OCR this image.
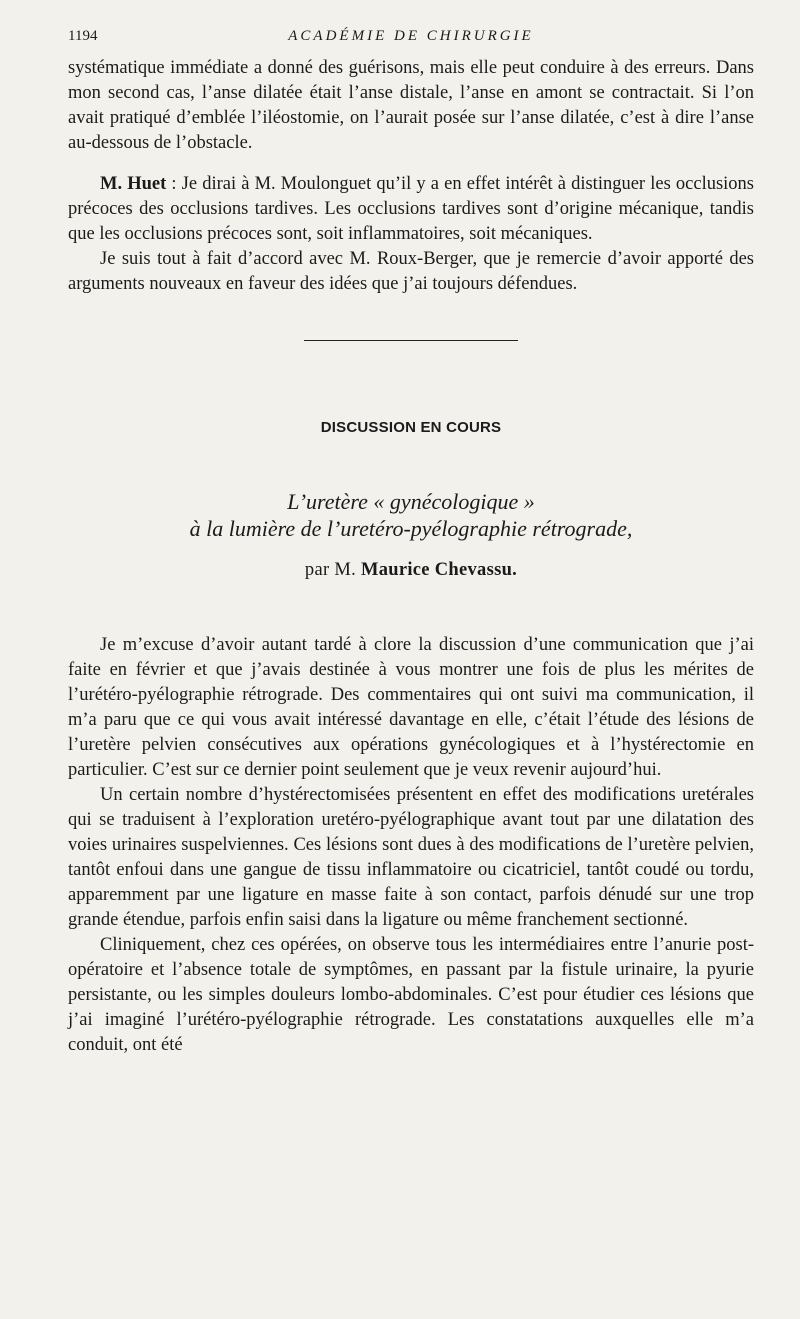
1194	ACADÉMIE DE CHIRURGIE

systématique immédiate a donné des guérisons, mais elle peut conduire à des erreurs. Dans mon second cas, l’anse dilatée était l’anse distale, l’anse en amont se contractait. Si l’on avait pratiqué d’emblée l’iléostomie, on l’aurait posée sur l’anse dilatée, c’est à dire l’anse au-dessous de l’obstacle.

M. Huet : Je dirai à M. Moulonguet qu’il y a en effet intérêt à distinguer les occlusions précoces des occlusions tardives. Les occlusions tardives sont d’origine mécanique, tandis que les occlusions précoces sont, soit inflammatoires, soit mécaniques.

Je suis tout à fait d’accord avec M. Roux-Berger, que je remercie d’avoir apporté des arguments nouveaux en faveur des idées que j’ai toujours défendues.

DISCUSSION EN COURS
L’uretère « gynécologique »
à la lumière de l’uretéro-pyélographie rétrograde,
par M. Maurice Chevassu.

Je m’excuse d’avoir autant tardé à clore la discussion d’une communication que j’ai faite en février et que j’avais destinée à vous montrer une fois de plus les mérites de l’urétéro-pyélographie rétrograde. Des commentaires qui ont suivi ma communication, il m’a paru que ce qui vous avait intéressé davantage en elle, c’était l’étude des lésions de l’uretère pelvien consécutives aux opérations gynécologiques et à l’hystérectomie en particulier. C’est sur ce dernier point seulement que je veux revenir aujourd’hui.

Un certain nombre d’hystérectomisées présentent en effet des modifications uretérales qui se traduisent à l’exploration uretéro-pyélographique avant tout par une dilatation des voies urinaires suspelviennes. Ces lésions sont dues à des modifications de l’uretère pelvien, tantôt enfoui dans une gangue de tissu inflammatoire ou cicatriciel, tantôt coudé ou tordu, apparemment par une ligature en masse faite à son contact, parfois dénudé sur une trop grande étendue, parfois enfin saisi dans la ligature ou même franchement sectionné.

Cliniquement, chez ces opérées, on observe tous les intermédiaires entre l’anurie post-opératoire et l’absence totale de symptômes, en passant par la fistule urinaire, la pyurie persistante, ou les simples douleurs lombo-abdominales. C’est pour étudier ces lésions que j’ai imaginé l’urétéro-pyélographie rétrograde. Les constatations auxquelles elle m’a conduit, ont été
